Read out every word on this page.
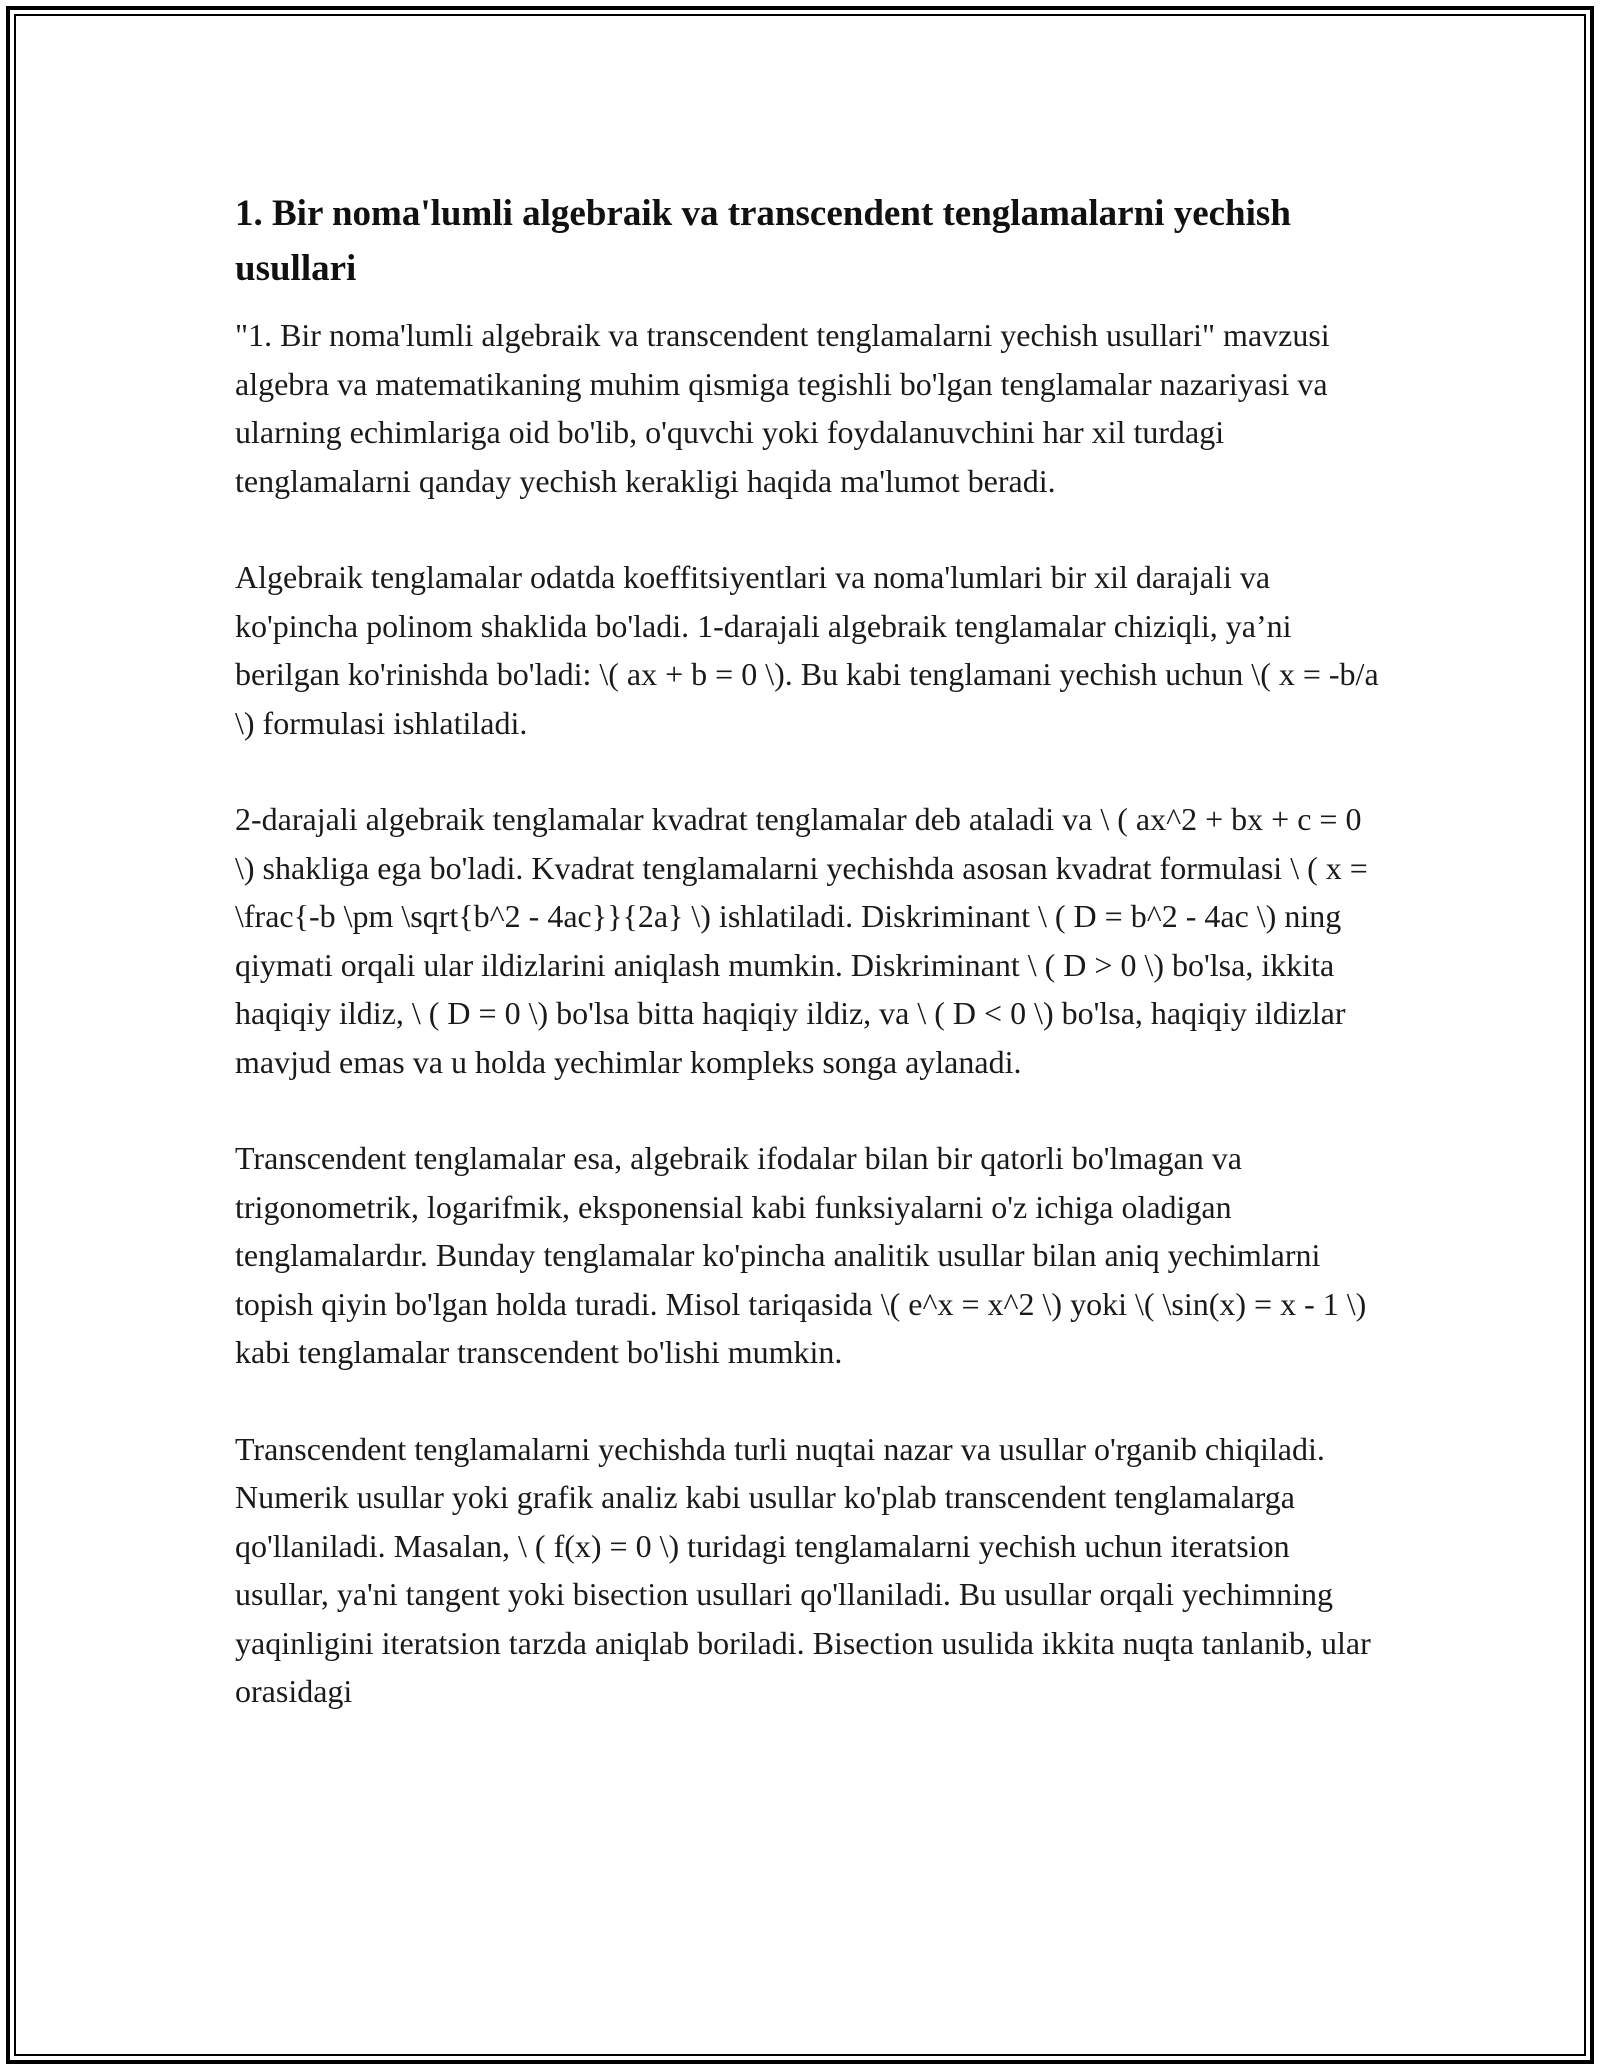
1. Bir noma'lumli algebraik va transcendent tenglamalarni yechish usullari

"1. Bir noma'lumli algebraik va transcendent tenglamalarni yechish usullari" mavzusi algebra va matematikaning muhim qismiga tegishli bo'lgan tenglamalar nazariyasi va ularning echimlariga oid bo'lib, o'quvchi yoki foydalanuvchini har xil turdagi tenglamalarni qanday yechish kerakligi haqida ma'lumot beradi.

Algebraik tenglamalar odatda koeffitsiyentlari va noma'lumlari bir xil darajali va ko'pincha polinom shaklida bo'ladi. 1-darajali algebraik tenglamalar chiziqli, ya’ni berilgan ko'rinishda bo'ladi: \( ax + b = 0 \). Bu kabi tenglamani yechish uchun \( x = -b/a \) formulasi ishlatiladi.

2-darajali algebraik tenglamalar kvadrat tenglamalar deb ataladi va \ ( ax^2 + bx + c = 0 \) shakliga ega bo'ladi. Kvadrat tenglamalarni yechishda asosan kvadrat formulasi \ ( x = \frac{-b \pm \sqrt{b^2 - 4ac}}{2a} \) ishlatiladi. Diskriminant \ ( D = b^2 - 4ac \) ning qiymati orqali ular ildizlarini aniqlash mumkin. Diskriminant \ ( D > 0 \) bo'lsa, ikkita haqiqiy ildiz, \ ( D = 0 \) bo'lsa bitta haqiqiy ildiz, va \ ( D < 0 \) bo'lsa, haqiqiy ildizlar mavjud emas va u holda yechimlar kompleks songa aylanadi.

Transcendent tenglamalar esa, algebraik ifodalar bilan bir qatorli bo'lmagan va trigonometrik, logarifmik, eksponensial kabi funksiyalarni o'z ichiga oladigan tenglamalardır. Bunday tenglamalar ko'pincha analitik usullar bilan aniq yechimlarni topish qiyin bo'lgan holda turadi. Misol tariqasida \( e^x = x^2 \) yoki \( \sin(x) = x - 1 \) kabi tenglamalar transcendent bo'lishi mumkin.

Transcendent tenglamalarni yechishda turli nuqtai nazar va usullar o'rganib chiqiladi. Numerik usullar yoki grafik analiz kabi usullar ko'plab transcendent tenglamalarga qo'llaniladi. Masalan, \ ( f(x) = 0 \) turidagi tenglamalarni yechish uchun iteratsion usullar, ya'ni tangent yoki bisection usullari qo'llaniladi. Bu usullar orqali yechimning yaqinligini iteratsion tarzda aniqlab boriladi. Bisection usulida ikkita nuqta tanlanib, ular orasidagi
